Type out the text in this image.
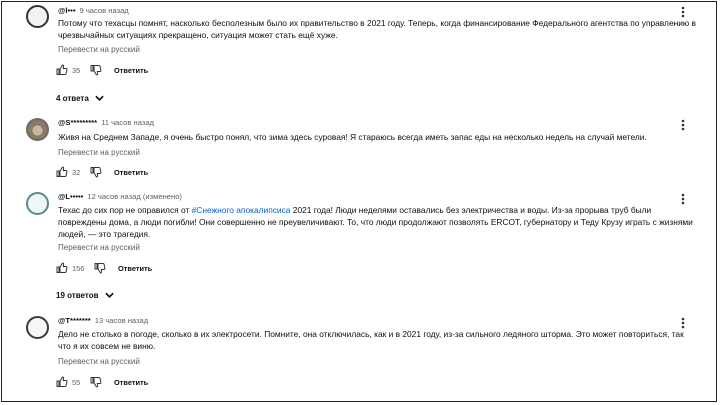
@l••• 9 часов назад
Потому что техасцы помнят, насколько бесполезным было их правительство в 2021 году. Теперь, когда финансирование Федерального агентства по управлению в чрезвычайных ситуациях прекращено, ситуация может стать ещё хуже.
Перевести на русский
35	Ответить
4 ответа
@S********* 11 часов назад
Живя на Среднем Западе, я очень быстро понял, что зима здесь суровая! Я стараюсь всегда иметь запас еды на несколько недель на случай метели.
Перевести на русский
32	Ответить
@L••••• 12 часов назад (изменено)
Техас до сих пор не оправился от #Снежного апокалипсиса 2021 года! Люди неделями оставались без электричества и воды. Из-за прорыва труб были повреждены дома, а люди погибли! Они совершенно не преувеличивают. То, что люди продолжают позволять ERCOT, губернатору и Теду Крузу играть с жизнями людей, — это трагедия.
Перевести на русский
156	Ответить
19 ответов
@T******* 13 часов назад
Дело не столько в погоде, сколько в их электросети. Помните, она отключилась, как и в 2021 году, из-за сильного ледяного шторма. Это может повториться, так что я их совсем не виню.
Перевести на русский
55	Ответить
